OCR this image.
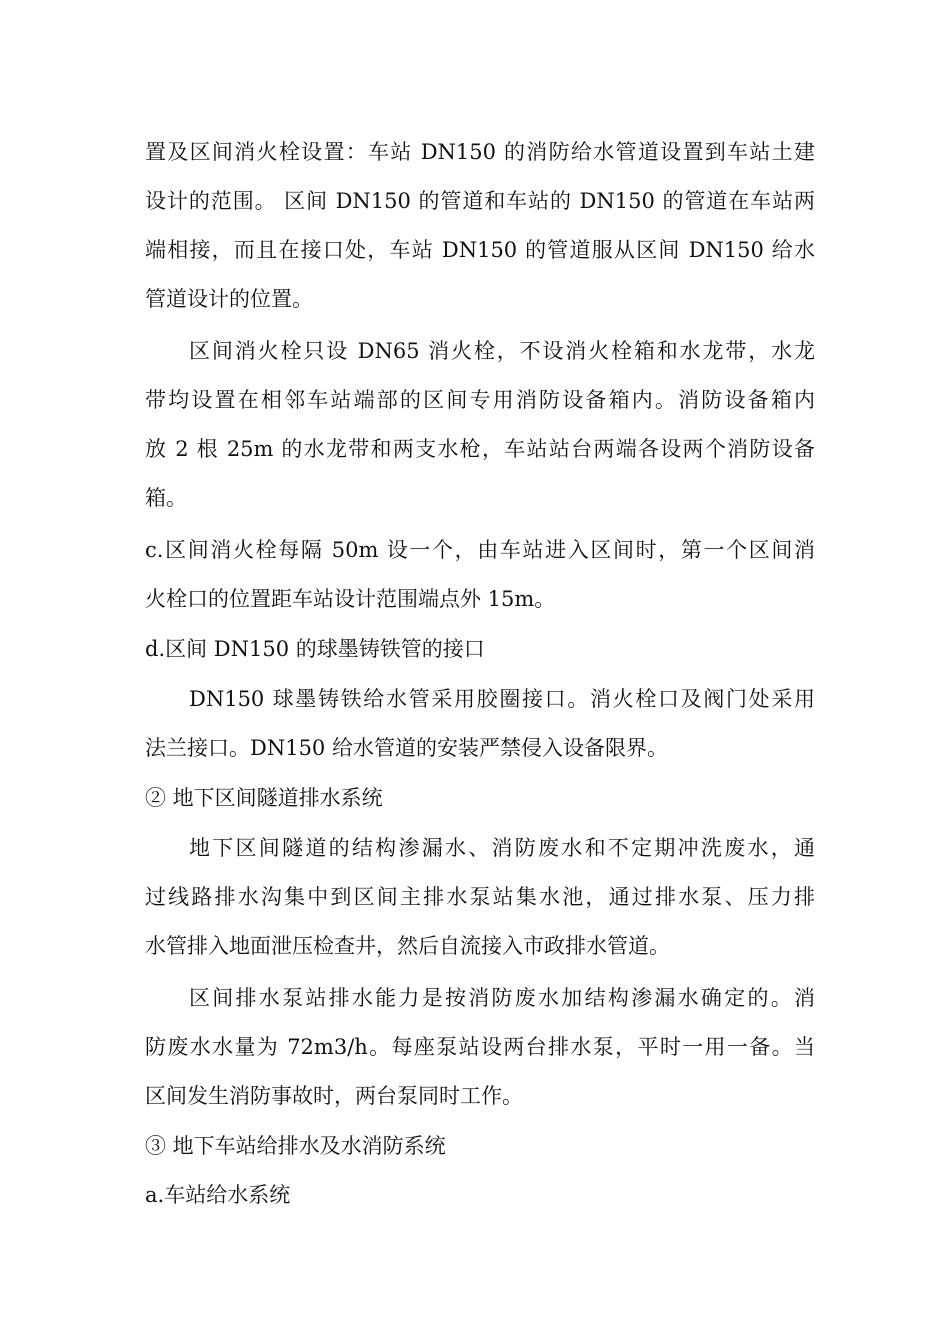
置及区间消火栓设置：车站 DN150 的消防给水管道设置到车站土建
设计的范围。 区间 DN150 的管道和车站的 DN150 的管道在车站两
端相接，而且在接口处，车站 DN150 的管道服从区间 DN150 给水
管道设计的位置。
区间消火栓只设 DN65 消火栓，不设消火栓箱和水龙带，水龙
带均设置在相邻车站端部的区间专用消防设备箱内。消防设备箱内
放 2 根 25m 的水龙带和两支水枪，车站站台两端各设两个消防设备
箱。
c.区间消火栓每隔 50m 设一个，由车站进入区间时，第一个区间消
火栓口的位置距车站设计范围端点外 15m。
d.区间 DN150 的球墨铸铁管的接口
DN150 球墨铸铁给水管采用胶圈接口。消火栓口及阀门处采用
法兰接口。DN150 给水管道的安装严禁侵入设备限界。
② 地下区间隧道排水系统
地下区间隧道的结构渗漏水、消防废水和不定期冲洗废水，通
过线路排水沟集中到区间主排水泵站集水池，通过排水泵、压力排
水管排入地面泄压检查井，然后自流接入市政排水管道。
区间排水泵站排水能力是按消防废水加结构渗漏水确定的。消
防废水水量为 72m3/h。每座泵站设两台排水泵，平时一用一备。当
区间发生消防事故时，两台泵同时工作。
③ 地下车站给排水及水消防系统
a.车站给水系统
